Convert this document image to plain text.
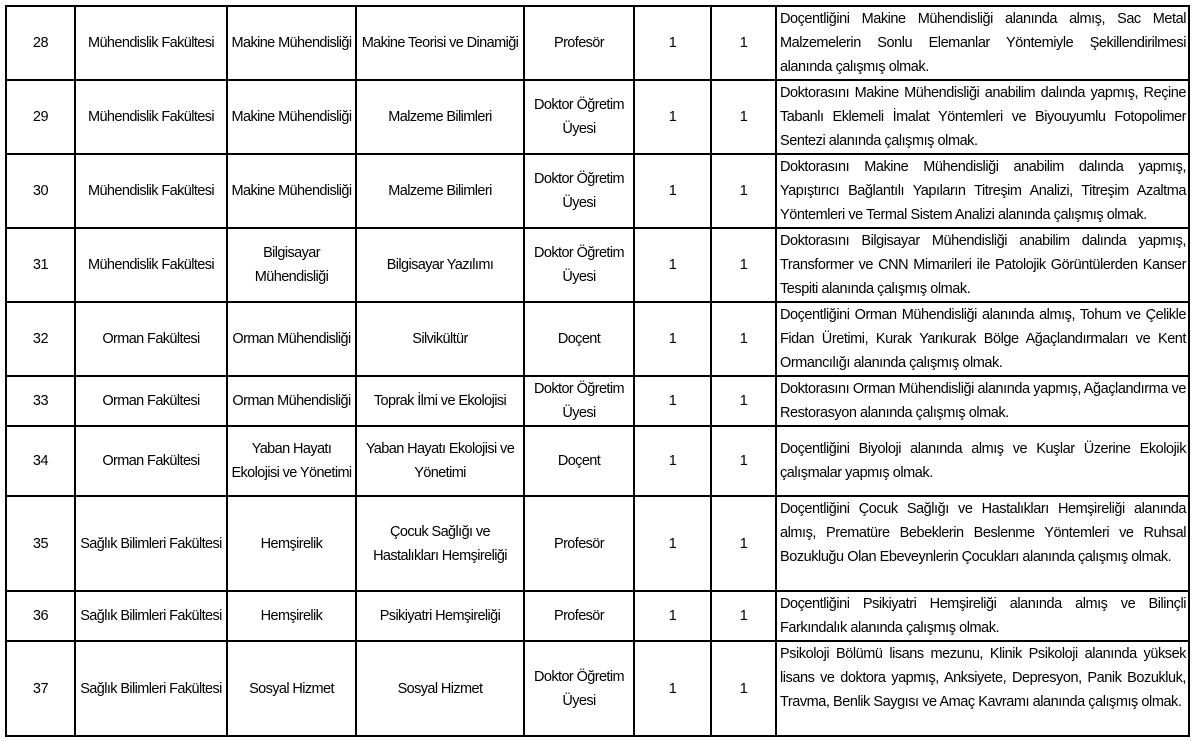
28	Mühendislik Fakültesi	Makine Mühendisliği	Makine Teorisi ve Dinamiği	Profesör	1	1	Doçentliğini Makine Mühendisliği alanında almış, Sac Metal Malzemelerin Sonlu Elemanlar Yöntemiyle Şekillendirilmesi alanında çalışmış olmak.
29	Mühendislik Fakültesi	Makine Mühendisliği	Malzeme Bilimleri	Doktor Öğretim Üyesi	1	1	Doktorasını Makine Mühendisliği anabilim dalında yapmış, Reçine Tabanlı Eklemeli İmalat Yöntemleri ve Biyouyumlu Fotopolimer Sentezi alanında çalışmış olmak.
30	Mühendislik Fakültesi	Makine Mühendisliği	Malzeme Bilimleri	Doktor Öğretim Üyesi	1	1	Doktorasını Makine Mühendisliği anabilim dalında yapmış, Yapıştırıcı Bağlantılı Yapıların Titreşim Analizi, Titreşim Azaltma Yöntemleri ve Termal Sistem Analizi alanında çalışmış olmak.
31	Mühendislik Fakültesi	Bilgisayar Mühendisliği	Bilgisayar Yazılımı	Doktor Öğretim Üyesi	1	1	Doktorasını Bilgisayar Mühendisliği anabilim dalında yapmış, Transformer ve CNN Mimarileri ile Patolojik Görüntülerden Kanser Tespiti alanında çalışmış olmak.
32	Orman Fakültesi	Orman Mühendisliği	Silvikültür	Doçent	1	1	Doçentliğini Orman Mühendisliği alanında almış, Tohum ve Çelikle Fidan Üretimi, Kurak Yarıkurak Bölge Ağaçlandırmaları ve Kent Ormancılığı alanında çalışmış olmak.
33	Orman Fakültesi	Orman Mühendisliği	Toprak İlmi ve Ekolojisi	Doktor Öğretim Üyesi	1	1	Doktorasını Orman Mühendisliği alanında yapmış, Ağaçlandırma ve Restorasyon alanında çalışmış olmak.
34	Orman Fakültesi	Yaban Hayatı Ekolojisi ve Yönetimi	Yaban Hayatı Ekolojisi ve Yönetimi	Doçent	1	1	Doçentliğini Biyoloji alanında almış ve Kuşlar Üzerine Ekolojik çalışmalar yapmış olmak.
35	Sağlık Bilimleri Fakültesi	Hemşirelik	Çocuk Sağlığı ve Hastalıkları Hemşireliği	Profesör	1	1	Doçentliğini Çocuk Sağlığı ve Hastalıkları Hemşireliği alanında almış, Prematüre Bebeklerin Beslenme Yöntemleri ve Ruhsal Bozukluğu Olan Ebeveynlerin Çocukları alanında çalışmış olmak.
36	Sağlık Bilimleri Fakültesi	Hemşirelik	Psikiyatri Hemşireliği	Profesör	1	1	Doçentliğini Psikiyatri Hemşireliği alanında almış ve Bilinçli Farkındalık alanında çalışmış olmak.
37	Sağlık Bilimleri Fakültesi	Sosyal Hizmet	Sosyal Hizmet	Doktor Öğretim Üyesi	1	1	Psikoloji Bölümü lisans mezunu, Klinik Psikoloji alanında yüksek lisans ve doktora yapmış, Anksiyete, Depresyon, Panik Bozukluk, Travma, Benlik Saygısı ve Amaç Kavramı alanında çalışmış olmak.
